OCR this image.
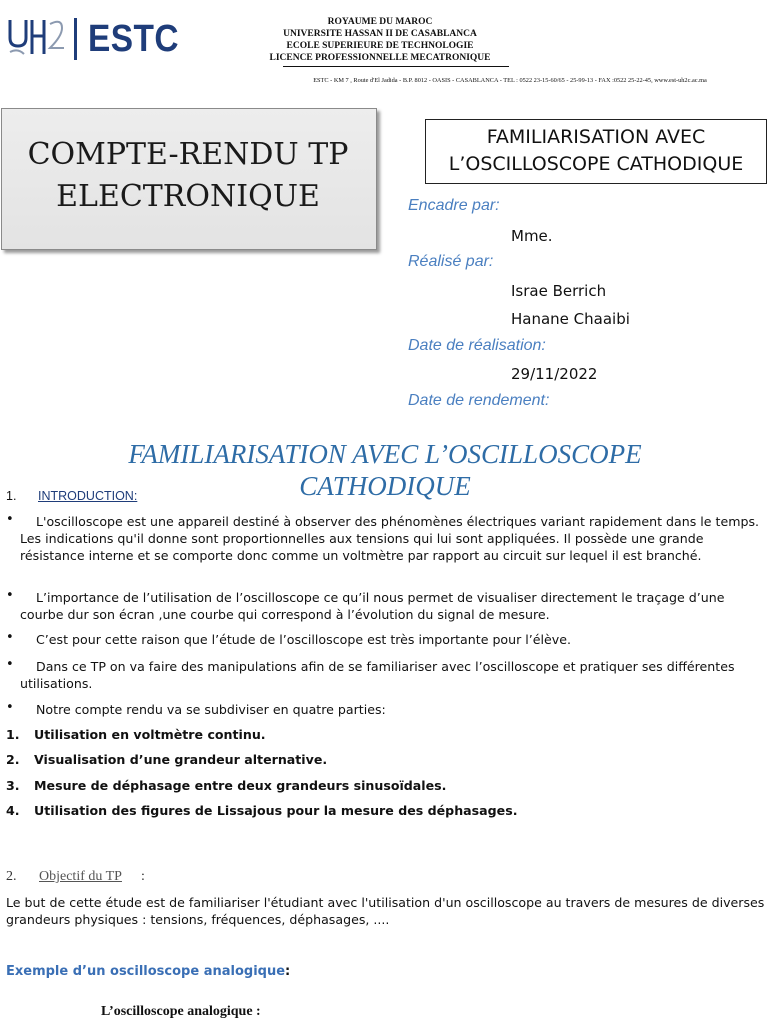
ESTC	ROYAUME DU MAROC
UNIVERSITE HASSAN II DE CASABLANCA
ECOLE SUPERIEURE DE TECHNOLOGIE
LICENCE PROFESSIONNELLE MECATRONIQUE
ESTC - KM 7 , Route d'El Jadida - B.P. 8012 - OASIS - CASABLANCA - TEL : 0522 23-15-60/65 - 25-99-13 - FAX :0522 25-22-45, www.est-uh2c.ac.ma
COMPTE-RENDU TP
ELECTRONIQUE
FAMILIARISATION AVEC
L’OSCILLOSCOPE CATHODIQUE
Encadre par:
Mme.
Réalisé par:
Israe Berrich
Hanane Chaaibi
Date de réalisation:
29/11/2022
Date de rendement:
FAMILIARISATION AVEC L’OSCILLOSCOPE
CATHODIQUE
1. INTRODUCTION:
• L'oscilloscope est une appareil destiné à observer des phénomènes électriques variant rapidement dans le temps. Les indications qu'il donne sont proportionnelles aux tensions qui lui sont appliquées. Il possède une grande résistance interne et se comporte donc comme un voltmètre par rapport au circuit sur lequel il est branché.
• L’importance de l’utilisation de l’oscilloscope ce qu’il nous permet de visualiser directement le traçage d’une courbe dur son écran ,une courbe qui correspond à l’évolution du signal de mesure.
• C’est pour cette raison que l’étude de l’oscilloscope est très importante pour l’élève.
• Dans ce TP on va faire des manipulations afin de se familiariser avec l’oscilloscope et pratiquer ses différentes utilisations.
• Notre compte rendu va se subdiviser en quatre parties:
1. Utilisation en voltmètre continu.
2. Visualisation d’une grandeur alternative.
3. Mesure de déphasage entre deux grandeurs sinusoïdales.
4. Utilisation des figures de Lissajous pour la mesure des déphasages.
2. Objectif du TP :
Le but de cette étude est de familiariser l'étudiant avec l'utilisation d'un oscilloscope au travers de mesures de diverses grandeurs physiques : tensions, fréquences, déphasages, ....
Exemple d’un oscilloscope analogique:
L’oscilloscope analogique :
